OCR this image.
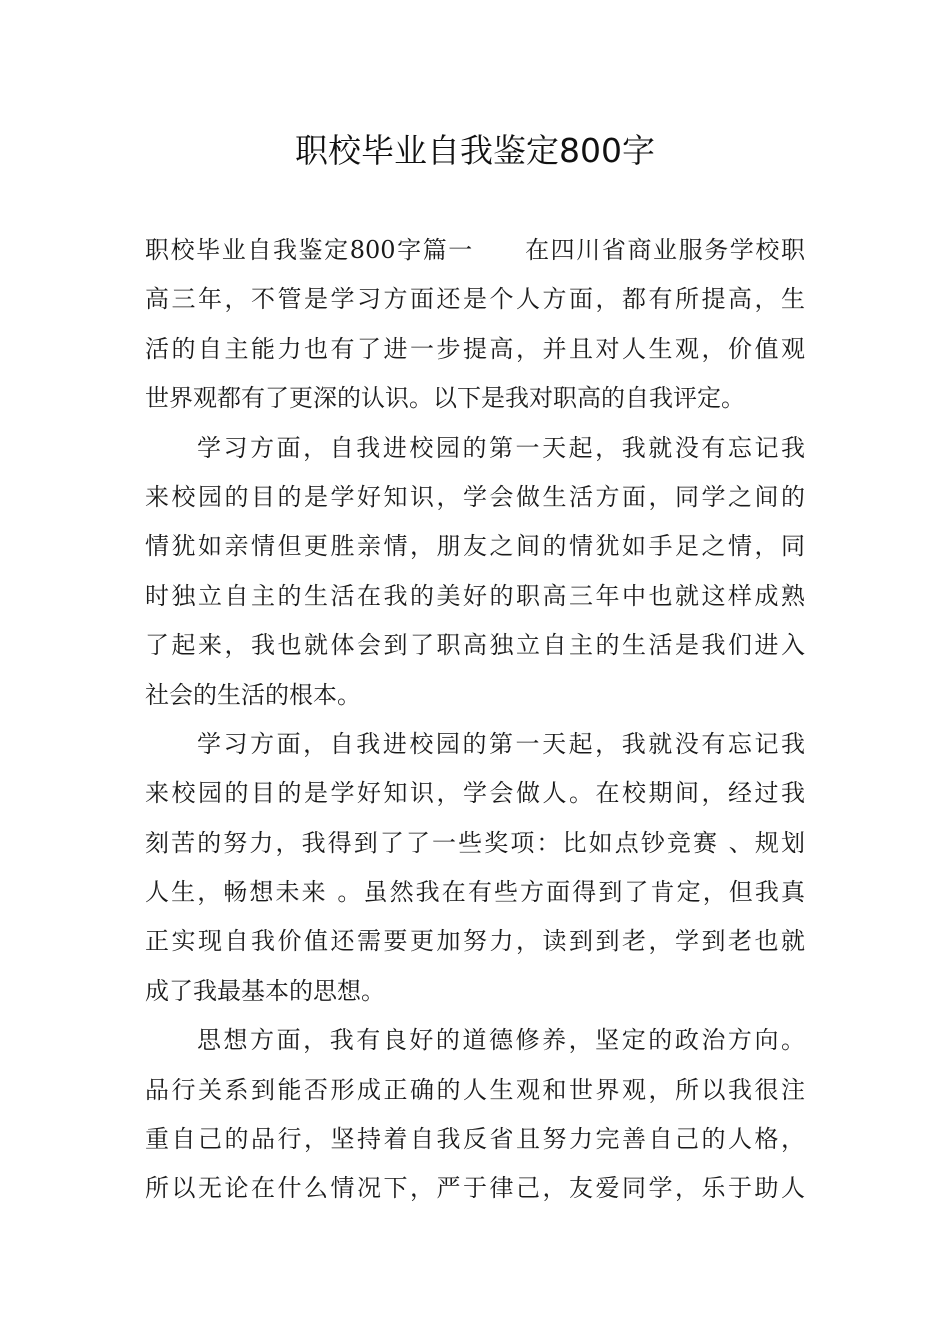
职校毕业自我鉴定800字
职校毕业自我鉴定800字篇一　　在四川省商业服务学校职
高三年，不管是学习方面还是个人方面，都有所提高，生
活的自主能力也有了进一步提高，并且对人生观，价值观
世界观都有了更深的认识。以下是我对职高的自我评定。
学习方面，自我进校园的第一天起，我就没有忘记我
来校园的目的是学好知识，学会做生活方面，同学之间的
情犹如亲情但更胜亲情，朋友之间的情犹如手足之情，同
时独立自主的生活在我的美好的职高三年中也就这样成熟
了起来，我也就体会到了职高独立自主的生活是我们进入
社会的生活的根本。
学习方面，自我进校园的第一天起，我就没有忘记我
来校园的目的是学好知识，学会做人。在校期间，经过我
刻苦的努力，我得到了了一些奖项：比如点钞竞赛 、规划
人生，畅想未来 。虽然我在有些方面得到了肯定，但我真
正实现自我价值还需要更加努力，读到到老，学到老也就
成了我最基本的思想。
思想方面，我有良好的道德修养，坚定的政治方向。
品行关系到能否形成正确的人生观和世界观，所以我很注
重自己的品行，坚持着自我反省且努力完善自己的人格，
所以无论在什么情况下，严于律己，友爱同学，乐于助人
